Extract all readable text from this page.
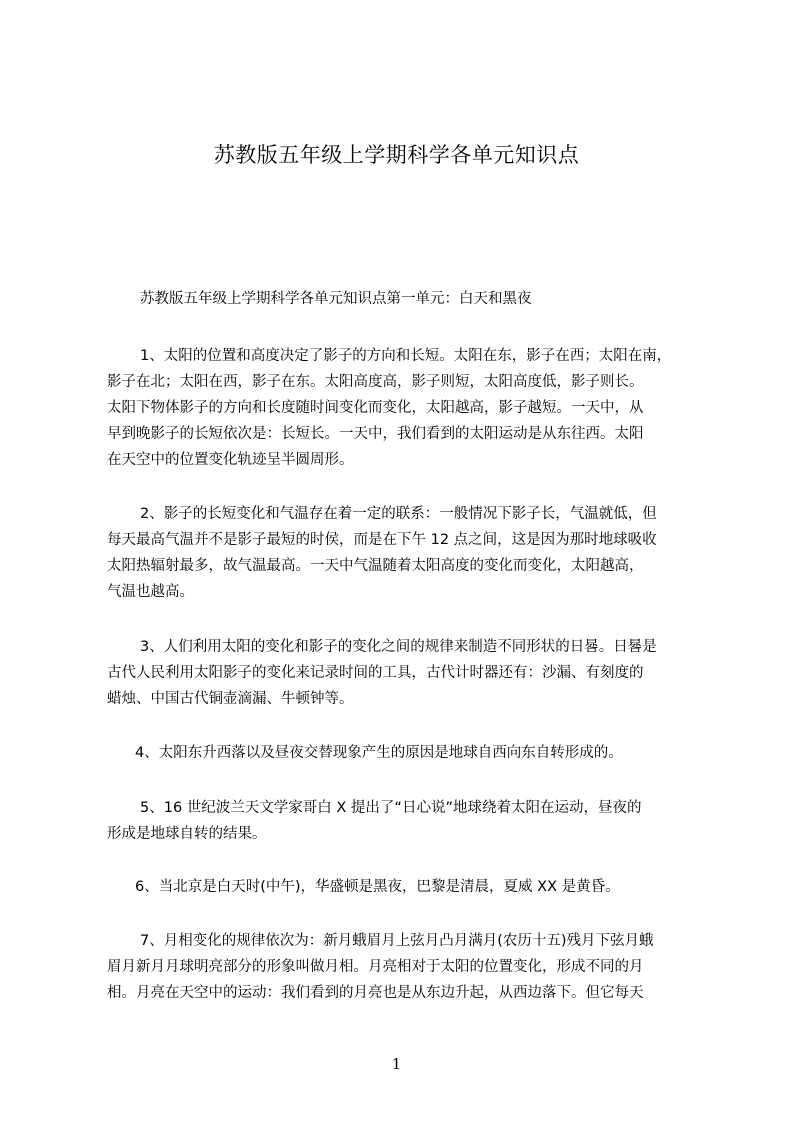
苏教版五年级上学期科学各单元知识点
苏教版五年级上学期科学各单元知识点第一单元：白天和黑夜
1、太阳的位置和高度决定了影子的方向和长短。太阳在东，影子在西；太阳在南，
影子在北；太阳在西，影子在东。太阳高度高，影子则短，太阳高度低，影子则长。
太阳下物体影子的方向和长度随时间变化而变化，太阳越高，影子越短。一天中，从
早到晚影子的长短依次是：长短长。一天中，我们看到的太阳运动是从东往西。太阳
在天空中的位置变化轨迹呈半圆周形。
2、影子的长短变化和气温存在着一定的联系：一般情况下影子长，气温就低，但
每天最高气温并不是影子最短的时侯，而是在下午 12 点之间，这是因为那时地球吸收
太阳热辐射最多，故气温最高。一天中气温随着太阳高度的变化而变化，太阳越高，
气温也越高。
3、人们利用太阳的变化和影子的变化之间的规律来制造不同形状的日晷。日晷是
古代人民利用太阳影子的变化来记录时间的工具，古代计时器还有：沙漏、有刻度的
蜡烛、中国古代铜壶滴漏、牛顿钟等。
4、太阳东升西落以及昼夜交替现象产生的原因是地球自西向东自转形成的。
5、16 世纪波兰天文学家哥白 X 提出了“日心说”地球绕着太阳在运动，昼夜的
形成是地球自转的结果。
6、当北京是白天时(中午)，华盛顿是黑夜，巴黎是清晨，夏威 XX 是黄昏。
7、月相变化的规律依次为：新月蛾眉月上弦月凸月满月(农历十五)残月下弦月蛾
眉月新月月球明亮部分的形象叫做月相。月亮相对于太阳的位置变化，形成不同的月
相。月亮在天空中的运动：我们看到的月亮也是从东边升起，从西边落下。但它每天
1
